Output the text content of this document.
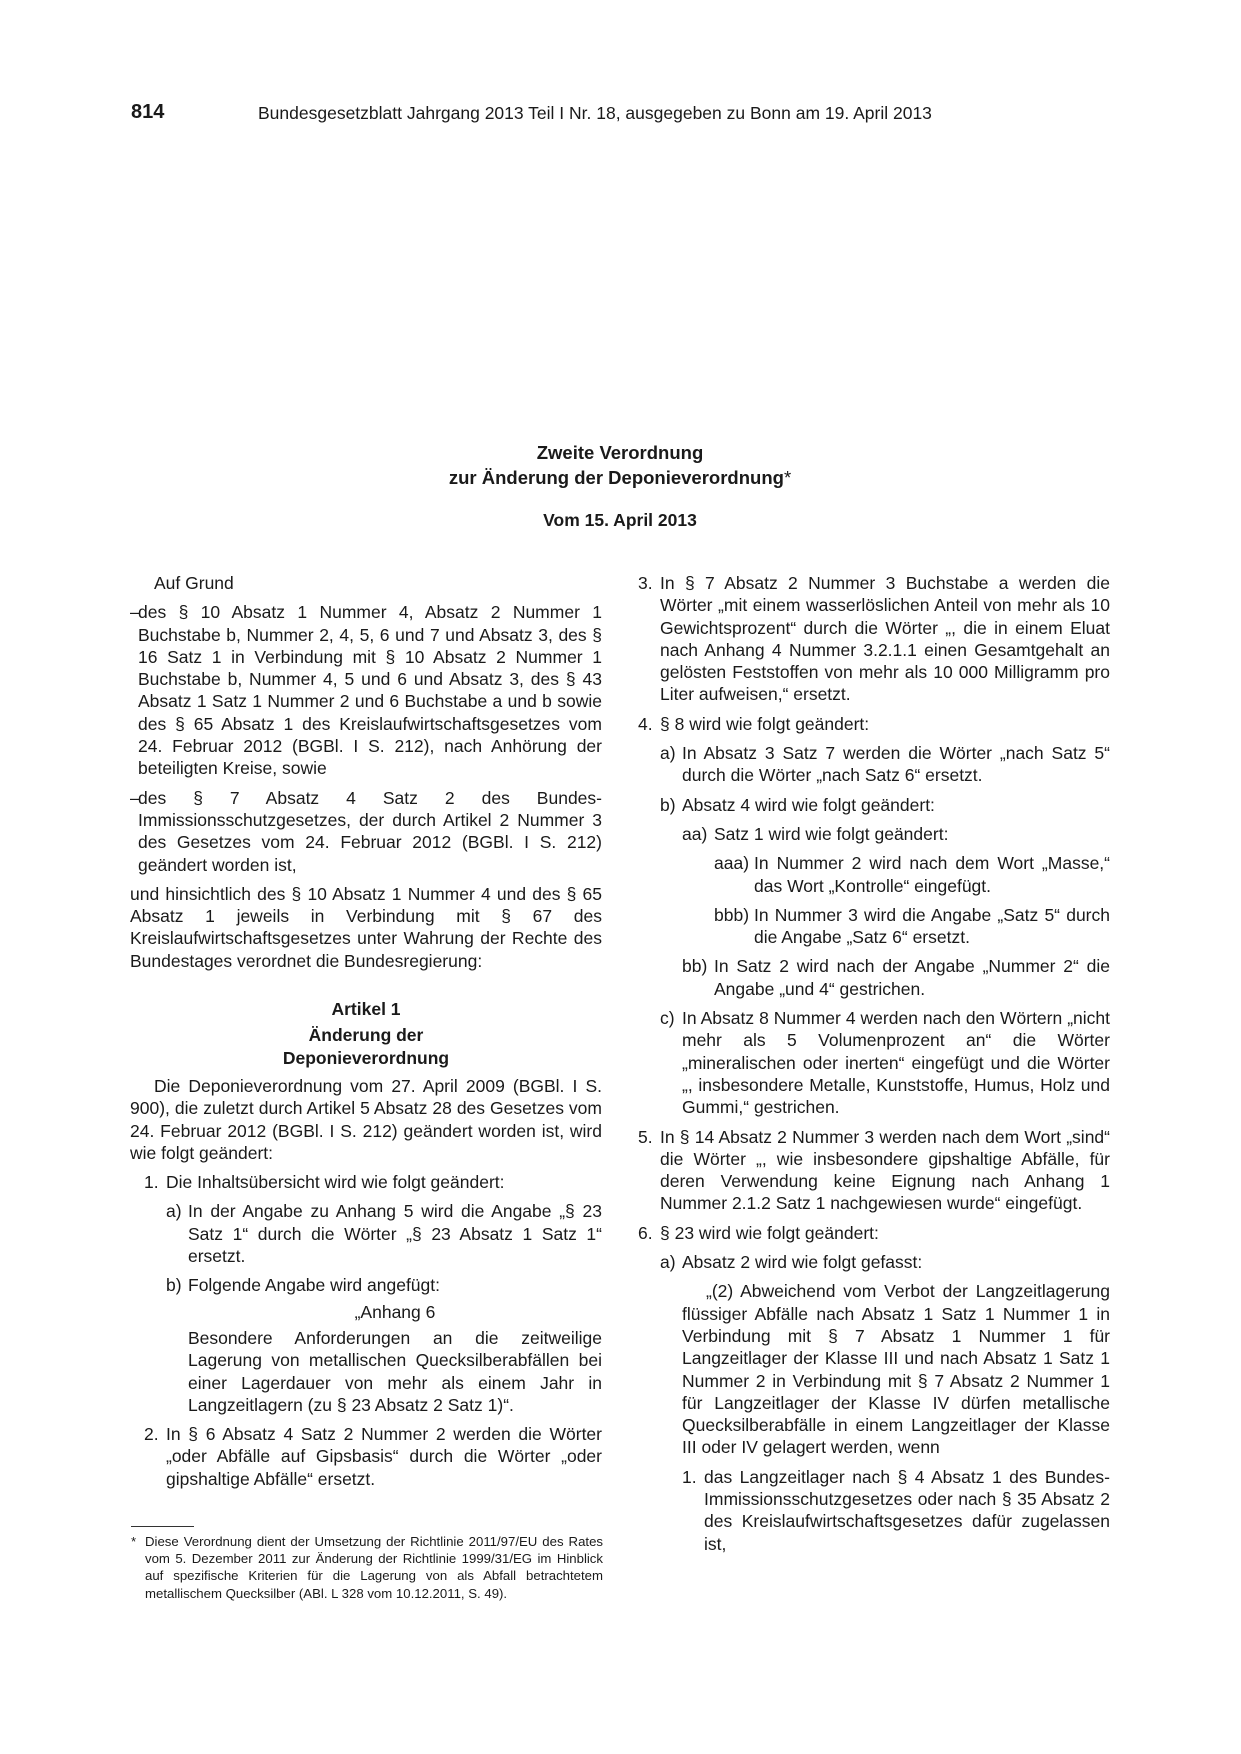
814	Bundesgesetzblatt Jahrgang 2013 Teil I Nr. 18, ausgegeben zu Bonn am 19. April 2013
Zweite Verordnung
zur Änderung der Deponieverordnung*
Vom 15. April 2013

Auf Grund

–
des § 10 Absatz 1 Nummer 4, Absatz 2 Nummer 1 Buchstabe b, Nummer 2, 4, 5, 6 und 7 und Absatz 3, des § 16 Satz 1 in Verbindung mit § 10 Absatz 2 Nummer 1 Buchstabe b, Nummer 4, 5 und 6 und Absatz 3, des § 43 Absatz 1 Satz 1 Nummer 2 und 6 Buchstabe a und b sowie des § 65 Absatz 1 des Kreislaufwirtschaftsgesetzes vom 24. Februar 2012 (BGBl. I S. 212), nach Anhörung der beteiligten Kreise, sowie
–
des § 7 Absatz 4 Satz 2 des Bundes-Immissionsschutzgesetzes, der durch Artikel 2 Nummer 3 des Gesetzes vom 24. Februar 2012 (BGBl. I S. 212) geändert worden ist,

und hinsichtlich des § 10 Absatz 1 Nummer 4 und des § 65 Absatz 1 jeweils in Verbindung mit § 67 des Kreislaufwirtschaftsgesetzes unter Wahrung der Rechte des Bundestages verordnet die Bundesregierung:

Artikel 1

Änderung der

Deponieverordnung

Die Deponieverordnung vom 27. April 2009 (BGBl. I S. 900), die zuletzt durch Artikel 5 Absatz 28 des Gesetzes vom 24. Februar 2012 (BGBl. I S. 212) geändert worden ist, wird wie folgt geändert:

1. Die Inhaltsübersicht wird wie folgt geändert:
a) In der Angabe zu Anhang 5 wird die Angabe „§ 23 Satz 1“ durch die Wörter „§ 23 Absatz 1 Satz 1“ ersetzt.
b) Folgende Angabe wird angefügt:
„Anhang 6
Besondere Anforderungen an die zeitweilige Lagerung von metallischen Quecksilberabfällen bei einer Lagerdauer von mehr als einem Jahr in Langzeitlagern (zu § 23 Absatz 2 Satz 1)“.
2. In § 6 Absatz 4 Satz 2 Nummer 2 werden die Wörter „oder Abfälle auf Gipsbasis“ durch die Wörter „oder gipshaltige Abfälle“ ersetzt.
3. In § 7 Absatz 2 Nummer 3 Buchstabe a werden die Wörter „mit einem wasserlöslichen Anteil von mehr als 10 Gewichtsprozent“ durch die Wörter „, die in einem Eluat nach Anhang 4 Nummer 3.2.1.1 einen Gesamtgehalt an gelösten Feststoffen von mehr als 10 000 Milligramm pro Liter aufweisen,“ ersetzt.
4. § 8 wird wie folgt geändert:
a) In Absatz 3 Satz 7 werden die Wörter „nach Satz 5“ durch die Wörter „nach Satz 6“ ersetzt.
b) Absatz 4 wird wie folgt geändert:
aa) Satz 1 wird wie folgt geändert:
aaa) In Nummer 2 wird nach dem Wort „Masse,“ das Wort „Kontrolle“ eingefügt.
bbb) In Nummer 3 wird die Angabe „Satz 5“ durch die Angabe „Satz 6“ ersetzt.
bb) In Satz 2 wird nach der Angabe „Nummer 2“ die Angabe „und 4“ gestrichen.
c) In Absatz 8 Nummer 4 werden nach den Wörtern „nicht mehr als 5 Volumenprozent an“ die Wörter „mineralischen oder inerten“ eingefügt und die Wörter „, insbesondere Metalle, Kunststoffe, Humus, Holz und Gummi,“ gestrichen.
5. In § 14 Absatz 2 Nummer 3 werden nach dem Wort „sind“ die Wörter „, wie insbesondere gipshaltige Abfälle, für deren Verwendung keine Eignung nach Anhang 1 Nummer 2.1.2 Satz 1 nachgewiesen wurde“ eingefügt.
6. § 23 wird wie folgt geändert:
a) Absatz 2 wird wie folgt gefasst:
„(2) Abweichend vom Verbot der Langzeitlagerung flüssiger Abfälle nach Absatz 1 Satz 1 Nummer 1 in Verbindung mit § 7 Absatz 1 Nummer 1 für Langzeitlager der Klasse III und nach Absatz 1 Satz 1 Nummer 2 in Verbindung mit § 7 Absatz 2 Nummer 1 für Langzeitlager der Klasse IV dürfen metallische Quecksilberabfälle in einem Langzeitlager der Klasse III oder IV gelagert werden, wenn
1. das Langzeitlager nach § 4 Absatz 1 des Bundes-Immissionsschutzgesetzes oder nach § 35 Absatz 2 des Kreislaufwirtschaftsgesetzes dafür zugelassen ist,
* Diese Verordnung dient der Umsetzung der Richtlinie 2011/97/EU des Rates vom 5. Dezember 2011 zur Änderung der Richtlinie 1999/31/EG im Hinblick auf spezifische Kriterien für die Lagerung von als Abfall betrachtetem metallischem Quecksilber (ABl. L 328 vom 10.12.2011, S. 49).
